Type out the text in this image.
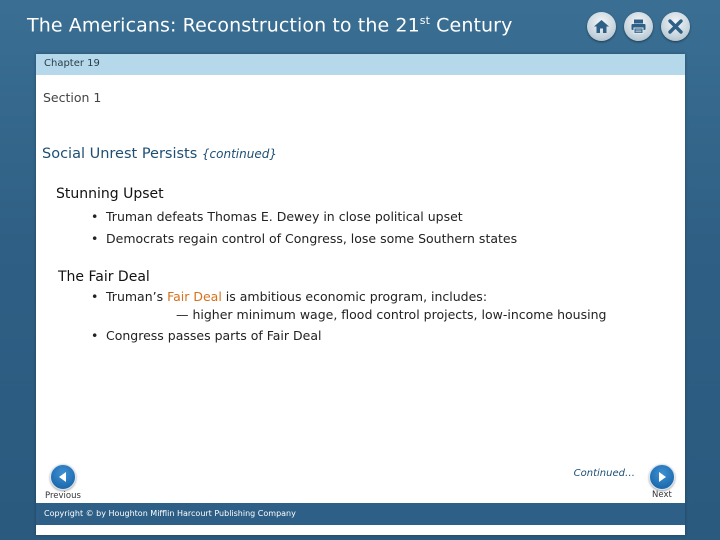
The Americans: Reconstruction to the 21st Century
Chapter 19
Section 1
Social Unrest Persists {continued}
Stunning Upset
• Truman defeats Thomas E. Dewey in close political upset
• Democrats regain control of Congress, lose some Southern states
The Fair Deal
• Truman’s Fair Deal is ambitious economic program, includes:
— higher minimum wage, flood control projects, low-income housing
• Congress passes parts of Fair Deal
Continued…
Previous	Next
Copyright © by Houghton Mifflin Harcourt Publishing Company
